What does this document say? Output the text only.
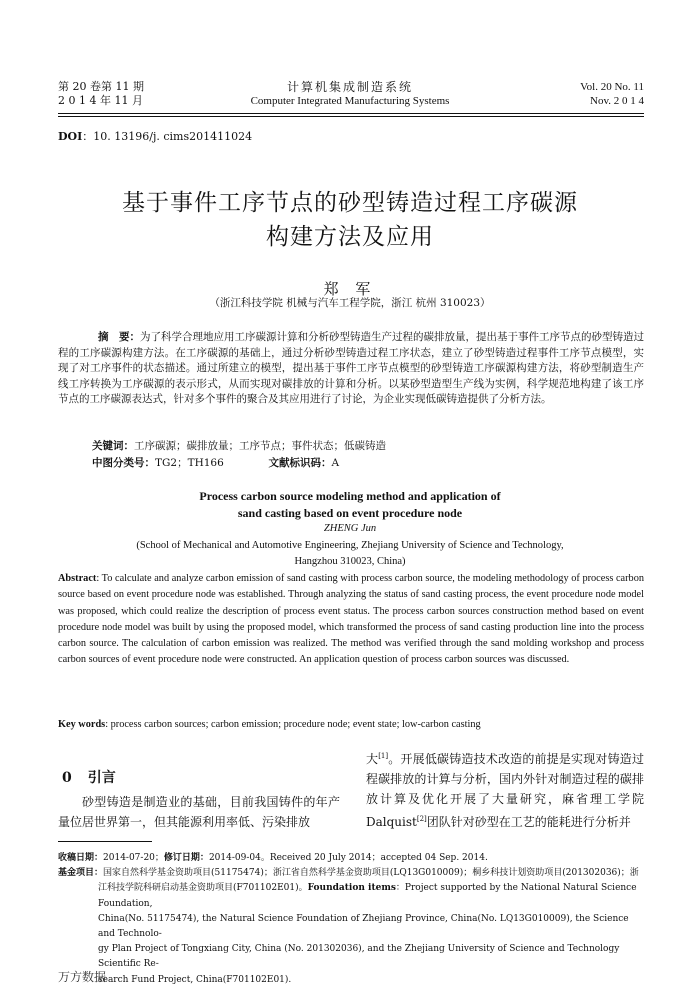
第 20 卷第 11 期
2 0 1 4 年 11 月
计算机集成制造系统
Computer Integrated Manufacturing Systems
Vol. 20 No. 11
Nov. 2 0 1 4
DOI：10. 13196/j. cims201411024
基于事件工序节点的砂型铸造过程工序碳源
构建方法及应用
郑 军
（浙江科技学院 机械与汽车工程学院，浙江 杭州 310023）
摘　要：为了科学合理地应用工序碳源计算和分析砂型铸造生产过程的碳排放量，提出基于事件工序节点的砂型铸造过程的工序碳源构建方法。在工序碳源的基础上，通过分析砂型铸造过程工序状态，建立了砂型铸造过程事件工序节点模型，实现了对工序事件的状态描述。通过所建立的模型，提出基于事件工序节点模型的砂型铸造工序碳源构建方法，将砂型制造生产线工序转换为工序碳源的表示形式，从而实现对碳排放的计算和分析。以某砂型造型生产线为实例，科学规范地构建了该工序节点的工序碳源表达式，针对多个事件的聚合及其应用进行了讨论，为企业实现低碳铸造提供了分析方法。
关键词：工序碳源；碳排放量；工序节点；事件状态；低碳铸造
中图分类号：TG2；TH166	文献标识码：A
Process carbon source modeling method and application of
sand casting based on event procedure node
ZHENG Jun
(School of Mechanical and Automotive Engineering, Zhejiang University of Science and Technology,
Hangzhou 310023, China)
Abstract: To calculate and analyze carbon emission of sand casting with process carbon source, the modeling methodology of process carbon source based on event procedure node was established. Through analyzing the status of sand casting process, the event procedure node model was proposed, which could realize the description of process event status. The process carbon sources construction method based on event procedure node model was built by using the proposed model, which transformed the process of sand casting production line into the process carbon source. The calculation of carbon emission was realized. The method was verified through the sand molding workshop and process carbon sources of event procedure node were constructed. An application question of process carbon sources was discussed.
Key words: process carbon sources; carbon emission; procedure node; event state; low-carbon casting
0 引言
砂型铸造是制造业的基础，目前我国铸件的年产量位居世界第一，但其能源利用率低、污染排放
大[1]。开展低碳铸造技术改造的前提是实现对铸造过程碳排放的计算与分析，国内外针对制造过程的碳排放计算及优化开展了大量研究，麻省理工学院Dalquist[2]团队针对砂型在工艺的能耗进行分析并
收稿日期：2014-07-20；修订日期：2014-09-04。Received 20 July 2014；accepted 04 Sep. 2014.
基金项目：国家自然科学基金资助项目(51175474)；浙江省自然科学基金资助项目(LQ13G010009)；桐乡科技计划资助项目(201302036)；浙
江科技学院科研启动基金资助项目(F701102E01)。Foundation items：Project supported by the National Natural Science Foundation,
China(No. 51175474), the Natural Science Foundation of Zhejiang Province, China(No. LQ13G010009), the Science and Technolo-
gy Plan Project of Tongxiang City, China (No. 201302036), and the Zhejiang University of Science and Technology Scientific Re-
search Fund Project, China(F701102E01).
万方数据
